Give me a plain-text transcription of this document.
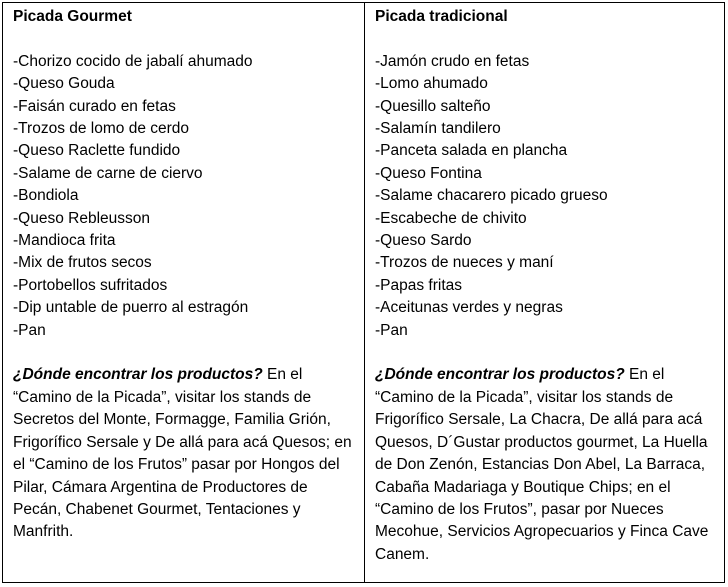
Picada Gourmet
-Chorizo cocido de jabalí ahumado
-Queso Gouda
-Faisán curado en fetas
-Trozos de lomo de cerdo
-Queso Raclette fundido
-Salame de carne de ciervo
-Bondiola
-Queso Rebleusson
-Mandioca frita
-Mix de frutos secos
-Portobellos sufritados
-Dip untable de puerro al estragón
-Pan

¿Dónde encontrar los productos? En el “Camino de la Picada”, visitar los stands de Secretos del Monte, Formagge, Familia Grión, Frigorífico Sersale y De allá para acá Quesos; en el “Camino de los Frutos” pasar por Hongos del Pilar, Cámara Argentina de Productores de Pecán, Chabenet Gourmet, Tentaciones y Manfrith.

Picada tradicional
-Jamón crudo en fetas
-Lomo ahumado
-Quesillo salteño
-Salamín tandilero
-Panceta salada en plancha
-Queso Fontina
-Salame chacarero picado grueso
-Escabeche de chivito
-Queso Sardo
-Trozos de nueces y maní
-Papas fritas
-Aceitunas verdes y negras
-Pan

¿Dónde encontrar los productos? En el “Camino de la Picada”, visitar los stands de Frigorífico Sersale, La Chacra, De allá para acá Quesos, D´Gustar productos gourmet, La Huella de Don Zenón, Estancias Don Abel, La Barraca, Cabaña Madariaga y Boutique Chips; en el “Camino de los Frutos”, pasar por Nueces Mecohue, Servicios Agropecuarios y Finca Cave Canem.
